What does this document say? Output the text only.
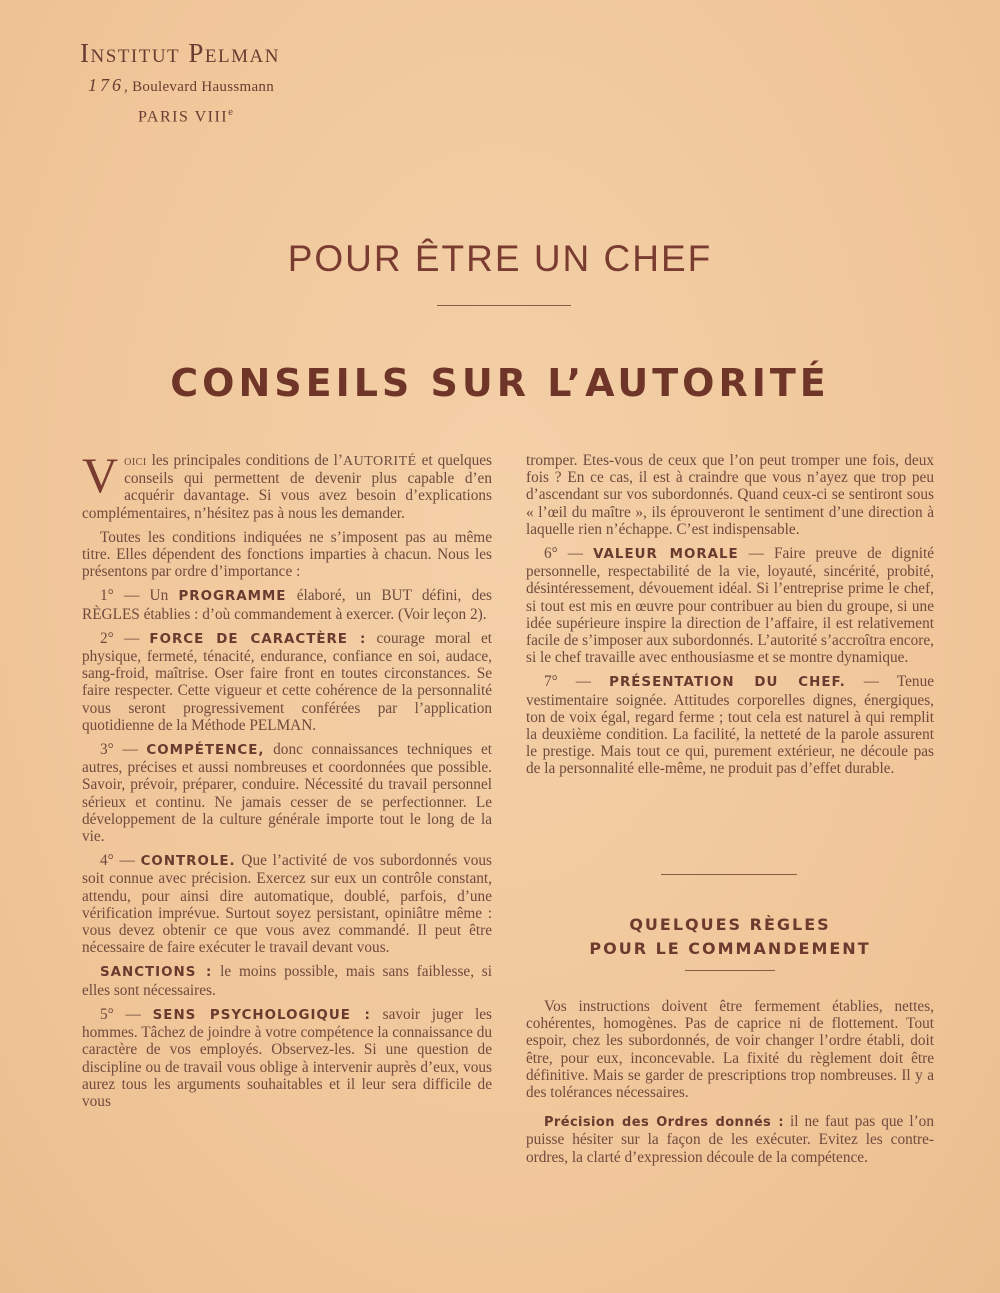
Institut Pelman
176, Boulevard Haussmann
PARIS VIIIe
POUR ÊTRE UN CHEF
CONSEILS SUR L’AUTORITÉ

Voici les principales conditions de l’AUTORITÉ et quelques conseils qui permettent de devenir plus capable d’en acquérir davantage. Si vous avez besoin d’explications complémentaires, n’hésitez pas à nous les demander.

Toutes les conditions indiquées ne s’imposent pas au même titre. Elles dépendent des fonctions imparties à chacun. Nous les présentons par ordre d’importance :

1° — Un PROGRAMME élaboré, un BUT défini, des RÈGLES établies : d’où commandement à exercer. (Voir leçon 2).

2° — FORCE DE CARACTÈRE : courage moral et physique, fermeté, ténacité, endurance, confiance en soi, audace, sang-froid, maîtrise. Oser faire front en toutes circonstances. Se faire respecter. Cette vigueur et cette cohérence de la personnalité vous seront progressivement conférées par l’application quotidienne de la Méthode PELMAN.

3° — COMPÉTENCE, donc connaissances techniques et autres, précises et aussi nombreuses et coordonnées que possible. Savoir, prévoir, préparer, conduire. Nécessité du travail personnel sérieux et continu. Ne jamais cesser de se perfectionner. Le développement de la culture générale importe tout le long de la vie.

4° — CONTROLE. Que l’activité de vos subordonnés vous soit connue avec précision. Exercez sur eux un contrôle constant, attendu, pour ainsi dire automatique, doublé, parfois, d’une vérification imprévue. Surtout soyez persistant, opiniâtre même : vous devez obtenir ce que vous avez commandé. Il peut être nécessaire de faire exécuter le travail devant vous.

SANCTIONS : le moins possible, mais sans faiblesse, si elles sont nécessaires.

5° — SENS PSYCHOLOGIQUE : savoir juger les hommes. Tâchez de joindre à votre compétence la connaissance du caractère de vos employés. Observez-les. Si une question de discipline ou de travail vous oblige à intervenir auprès d’eux, vous aurez tous les arguments souhaitables et il leur sera difficile de vous

tromper. Etes-vous de ceux que l’on peut tromper une fois, deux fois ? En ce cas, il est à craindre que vous n’ayez que trop peu d’ascendant sur vos subordonnés. Quand ceux-ci se sentiront sous « l’œil du maître », ils éprouveront le sentiment d’une direction à laquelle rien n’échappe. C’est indispensable.

6° — VALEUR MORALE — Faire preuve de dignité personnelle, respectabilité de la vie, loyauté, sincérité, probité, désintéressement, dévouement idéal. Si l’entreprise prime le chef, si tout est mis en œuvre pour contribuer au bien du groupe, si une idée supérieure inspire la direction de l’affaire, il est relativement facile de s’imposer aux subordonnés. L’autorité s’accroîtra encore, si le chef travaille avec enthousiasme et se montre dynamique.

7° — PRÉSENTATION DU CHEF. — Tenue vestimentaire soignée. Attitudes corporelles dignes, énergiques, ton de voix égal, regard ferme ; tout cela est naturel à qui remplit la deuxième condition. La facilité, la netteté de la parole assurent le prestige. Mais tout ce qui, purement extérieur, ne découle pas de la personnalité elle-même, ne produit pas d’effet durable.

QUELQUES RÈGLES
POUR LE COMMANDEMENT

Vos instructions doivent être fermement établies, nettes, cohérentes, homogènes. Pas de caprice ni de flottement. Tout espoir, chez les subordonnés, de voir changer l’ordre établi, doit être, pour eux, inconcevable. La fixité du règlement doit être définitive. Mais se garder de prescriptions trop nombreuses. Il y a des tolérances nécessaires.

Précision des Ordres donnés : il ne faut pas que l’on puisse hésiter sur la façon de les exécuter. Evitez les contre-ordres, la clarté d’expression découle de la compétence.
